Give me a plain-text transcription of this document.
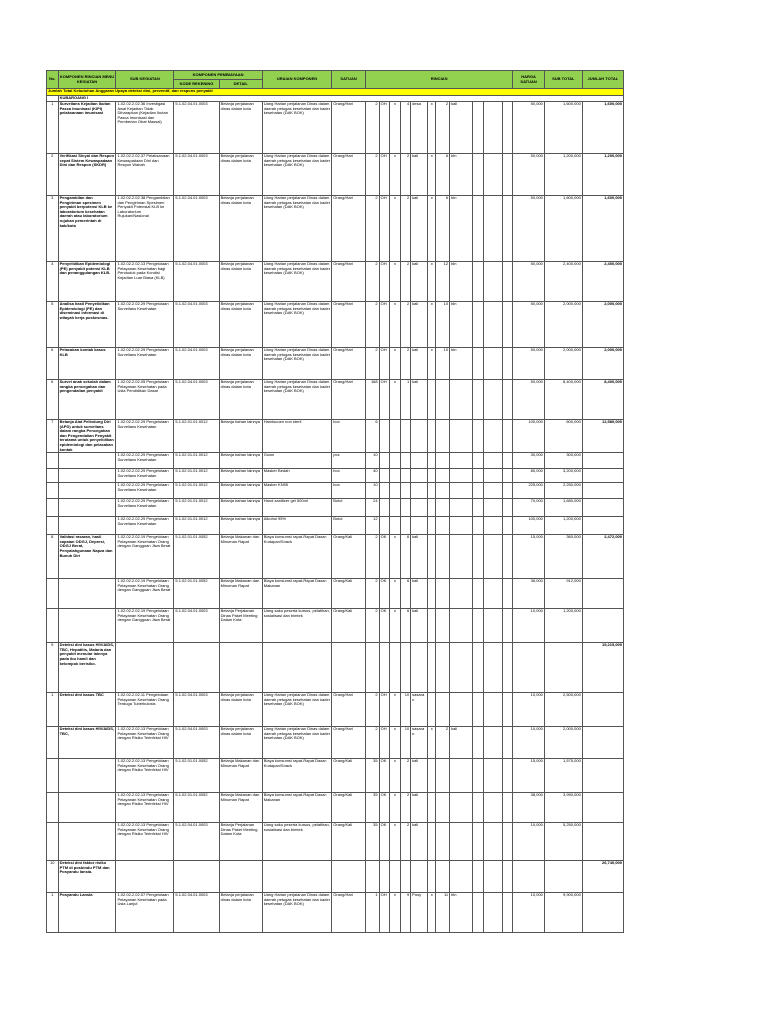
No.	KOMPONEN RINCIAN MENU KEGIATAN	SUB KEGIATAN	KOMPONEN PEMBIAYAAN		URAIAN KOMPONEN	SATUAN	RINCIAN											HARGA SATUAN	SUB TOTAL	JUMLAH TOTAL
			KODE REKENING	DETAIL																
Jumlah Total Kebutuhan Anggaran Upaya deteksi dini, preventif, dan respons penyakit																				
	KUBAROANG I																			
1	Surveilans Kejadian Ikutan Pasca Imunisasi (KIPI) pelaksanaan imunisasi	1.02.02.2.02.36 Investigasi Awal Kejadian Tidak Diharapkan (Kejadian Ikutan Pasca Imunisasi dan Pemberian Obat Massal)	5.1.02.04.01.0003	Belanja perjalanan dinas dalam kota	Uang Harian perjalanan Dinas dalam daerah petugas kesehatan dan kader kesehatan (DAK BOK)	Orang/Hari	2	OH	x	4	desa	x	2	kali				50,000	1,600,000	1,600,000
2	Verifikasi Sinyal dan Respon cepat Sistem Kewaspadaan Dini dan Respon (SKDR)	1.02.02.2.02.37 Pelaksanaan Kewaspadaan Dini dan Respon Wabah	5.1.02.04.01.0003	Belanja perjalanan dinas dalam kota	Uang Harian perjalanan Dinas dalam daerah petugas kesehatan dan kader kesehatan (DAK BOK)	Orang/Hari	2	OH	x	2	kali	x	6	bln				50,000	1,200,000	1,200,000
3	Pengambilan dan Pengiriman spesimen penyakit berpotensi KLB ke laboratorium kesehatan daerah atau laboratorium rujukan pemerintah di kab/kota	1.02.02.2.02.38 Pengambilan dan Pengiriman Spesimen Penyakit Potensial KLB ke Laboratorium Rujukan/Nasional	5.1.02.04.01.0003	Belanja perjalanan dinas dalam kota	Uang Harian perjalanan Dinas dalam daerah petugas kesehatan dan kader kesehatan (DAK BOK)	Orang/Hari	2	OH	x	2	kali	x	6	bln				50,000	1,600,000	1,600,000
4	Penyelidikan Epidemiologi (PE) penyakit potensi KLB dan penanggulangan KLB.	1.02.02.2.02.13 Pengelolaan Pelayanan Kesehatan bagi Penduduk pada Kondisi Kejadian Luar Biasa (KLB)	5.1.02.04.01.0003	Belanja perjalanan dinas dalam kota	Uang Harian perjalanan Dinas dalam daerah petugas kesehatan dan kader kesehatan (DAK BOK)	Orang/Hari	2	OH	x	2	kali	x	12	bln				50,000	2,400,000	2,400,000
5	Analisa hasil Penyelidikan Epidemiologi (PE) dan diseminasi informasi di wilayah kerja puskesmas.	1.02.02.2.02.29 Pengelolaan Surveilans Kesehatan	5.1.02.04.01.0003	Belanja perjalanan dinas dalam kota	Uang Harian perjalanan Dinas dalam daerah petugas kesehatan dan kader kesehatan (DAK BOK)	Orang/Hari	2	OH	x	2	kali	x	10	bln				50,000	2,000,000	2,000,000
6	Pelacakan kontak kasus KLB	1.02.02.2.02.29 Pengelolaan Surveilans Kesehatan	5.1.02.04.01.0003	Belanja perjalanan dinas dalam kota	Uang Harian perjalanan Dinas dalam daerah petugas kesehatan dan kader kesehatan (DAK BOK)	Orang/Hari	2	OH	x	2	kali	x	10	bln				50,000	2,000,000	2,000,000
6	Survei anak sekolah dalam rangka pencegahan dan pengendalian penyakit	1.02.02.2.02.05 Pengelolaan Pelayanan Kesehatan pada Usia Pendidikan Dasar	5.1.02.04.01.0003	Belanja perjalanan dinas dalam kota	Uang Harian perjalanan Dinas dalam daerah petugas kesehatan dan kader kesehatan (DAK BOK)	Orang/Hari	168	OH	x	1	kali							50,000	8,400,000	8,400,000
7	Belanja Alat Pelindung Diri (APD) untuk surveilans dalam rangka Pencegahan dan Pengendalian Penyakit terutama untuk penyelidikan epidemiologi dan pelacakan kontak	1.02.02.2.02.29 Pengelolaan Surveilans Kesehatan	5.1.02.01.01.0012	Belanja bahan lainnya	Handscoen non steril	box	6											100,000	600,000	12,580,000
		1.02.02.2.02.29 Pengelolaan Surveilans Kesehatan	5.1.02.01.01.0012	Belanja bahan lainnya	Gown	pcs	10											30,000	300,000	
		1.02.02.2.02.29 Pengelolaan Surveilans Kesehatan	5.1.02.01.01.0012	Belanja bahan lainnya	Masker Bedah	box	40											80,000	3,200,000	
		1.02.02.2.02.29 Pengelolaan Surveilans Kesehatan	5.1.02.01.01.0012	Belanja bahan lainnya	Masker KN95	box	10											225,000	2,250,000	
		1.02.02.2.02.29 Pengelolaan Surveilans Kesehatan	5.1.02.01.01.0012	Belanja bahan lainnya	Hand sanitizer gel 500ml	Botol	24											70,000	1,680,000	
		1.02.02.2.02.29 Pengelolaan Surveilans Kesehatan	5.1.02.01.01.0012	Belanja bahan lainnya	Alkohol 95%	Botol	12											100,000	1,200,000	
8	Validasi rasaran, hasil capaian ODGJ, Depresi, ODGJ Berat, Penyalahgunaan Napza dan Bunuh Diri	1.02.02.2.02.19 Pengelolaan Pelayanan Kesehatan Orang dengan Gangguan Jiwa Berat	5.1.02.01.01.0052	Belanja Makanan dan Minuman Rapat	Biaya konsumsi rapat-Rapat Dasar: Kudapan/Snack	Orang/Kali	2	OK	x	6	kali							15,000	360,000	2,472,000
		1.02.02.2.02.19 Pengelolaan Pelayanan Kesehatan Orang dengan Gangguan Jiwa Berat	5.1.02.01.01.0052	Belanja Makanan dan Minuman Rapat	Biaya konsumsi rapat-Rapat Dasar: Makanan	Orang/Kali	2	OK	x	6	kali							36,000	912,000	
		1.02.02.2.02.19 Pengelolaan Pelayanan Kesehatan Orang dengan Gangguan Jiwa Berat	5.1.02.04.01.0003	Belanja Perjalanan Dinas Paket Meeting Dalam Kota	Uang saku peserta kursus, pelatihan, sosialisasi dan bimtek	Orang/Kali	2	OK	x	6	kali							10,000	1,200,000	
9	Deteksi dini kasus HIV/AIDS, TBC, Hepatitis, Malaria dan penyakit menular lainnya pada ibu hamil dan kelompok berisiko.																			19,215,000
1	Deteksi dini kasus TBC	1.02.02.2.02.11 Pengelolaan Pelayanan Kesehatan Orang Terduga Tuberkulosis	5.1.02.04.01.0003	Belanja perjalanan dinas dalam kota	Uang Harian perjalanan Dinas dalam daerah petugas kesehatan dan kader kesehatan (DAK BOK)	Orang/Hari	2	OH	x	10	sasaran							10,000	2,500,000	
	Deteksi dini kasus HIV/AIDS, TBC,	1.02.02.2.02.13 Pengelolaan Pelayanan Kesehatan Orang dengan Risiko Terinfeksi HIV	5.1.02.04.01.0003	Belanja perjalanan dinas dalam kota	Uang Harian perjalanan Dinas dalam daerah petugas kesehatan dan kader kesehatan (DAK BOK)	Orang/Hari	2	OH	x	10	sasaran	x	2	kali				10,000	2,000,000	
		1.02.02.2.02.13 Pengelolaan Pelayanan Kesehatan Orang dengan Risiko Terinfeksi HIV	5.1.02.01.01.0052	Belanja Makanan dan Minuman Rapat	Biaya konsumsi rapat-Rapat Dasar: Kudapan/Snack	Orang/Kali	35	OK	x	2	kali							15,000	1,575,000	
		1.02.02.2.02.13 Pengelolaan Pelayanan Kesehatan Orang dengan Risiko Terinfeksi HIV	5.1.02.01.01.0052	Belanja Makanan dan Minuman Rapat	Biaya konsumsi rapat-Rapat Dasar: Makanan	Orang/Kali	35	OK	x	2	kali							38,000	3,990,000	
		1.02.02.2.02.13 Pengelolaan Pelayanan Kesehatan Orang dengan Risiko Terinfeksi HIV	5.1.02.04.01.0003	Belanja Perjalanan Dinas Paket Meeting Dalam Kota	Uang saku peserta kursus, pelatihan, sosialisasi dan bimtek	Orang/Kali	35	OK	x	2	kali							10,000	5,250,000	
10	Deteksi dini faktor risiko PTM di posbindu PTM dan Posyandu lansia.																			26,740,000
1	Posyandu Lansia	1.02.02.2.02.07 Pengelolaan Pelayanan Kesehatan pada Usia Lanjut	5.1.02.04.01.0003	Belanja perjalanan dinas dalam kota	Uang Harian perjalanan Dinas dalam daerah petugas kesehatan dan kader kesehatan (DAK BOK)	Orang/Hari	1	OH	x	9	Posy	x	11	bln				10,000	9,900,000	
